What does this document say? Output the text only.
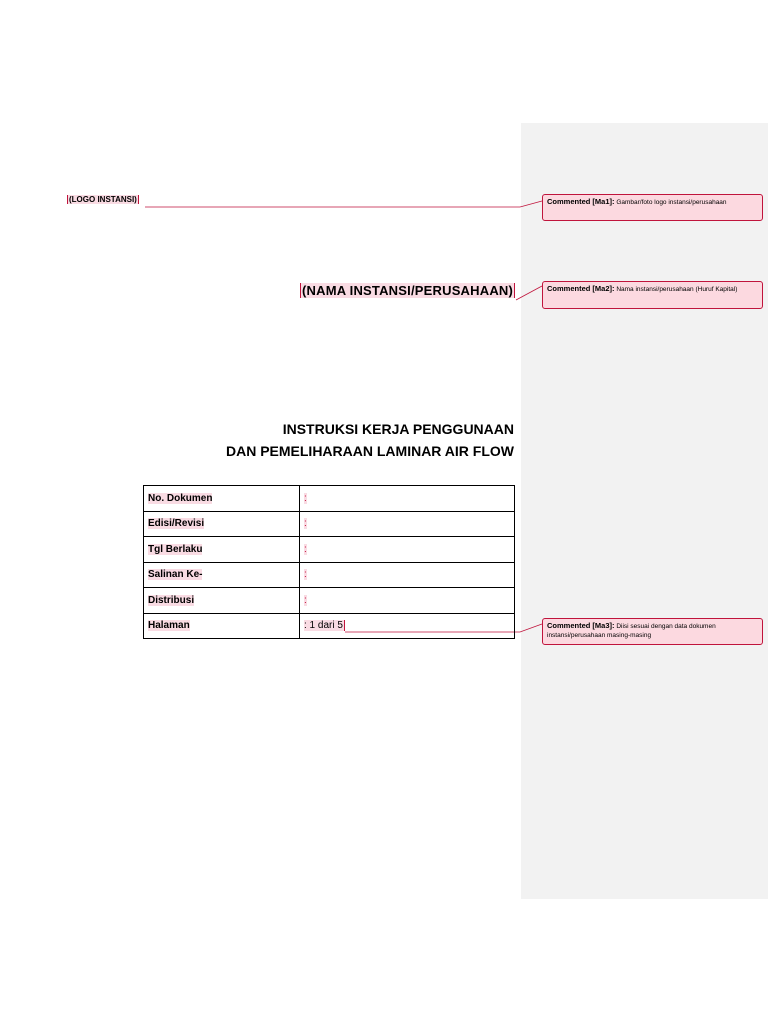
(LOGO INSTANSI)
(NAMA INSTANSI/PERUSAHAAN)
INSTRUKSI KERJA PENGGUNAAN
DAN PEMELIHARAAN LAMINAR AIR FLOW
No. Dokumen	:
Edisi/Revisi	:
Tgl Berlaku	:
Salinan Ke-	:
Distribusi	:
Halaman	: 1 dari 5
Commented [Ma1]: Gambar/foto logo instansi/perusahaan
Commented [Ma2]: Nama instansi/perusahaan (Huruf Kapital)
Commented [Ma3]: Diisi sesuai dengan data dokumen instansi/perusahaan masing-masing
